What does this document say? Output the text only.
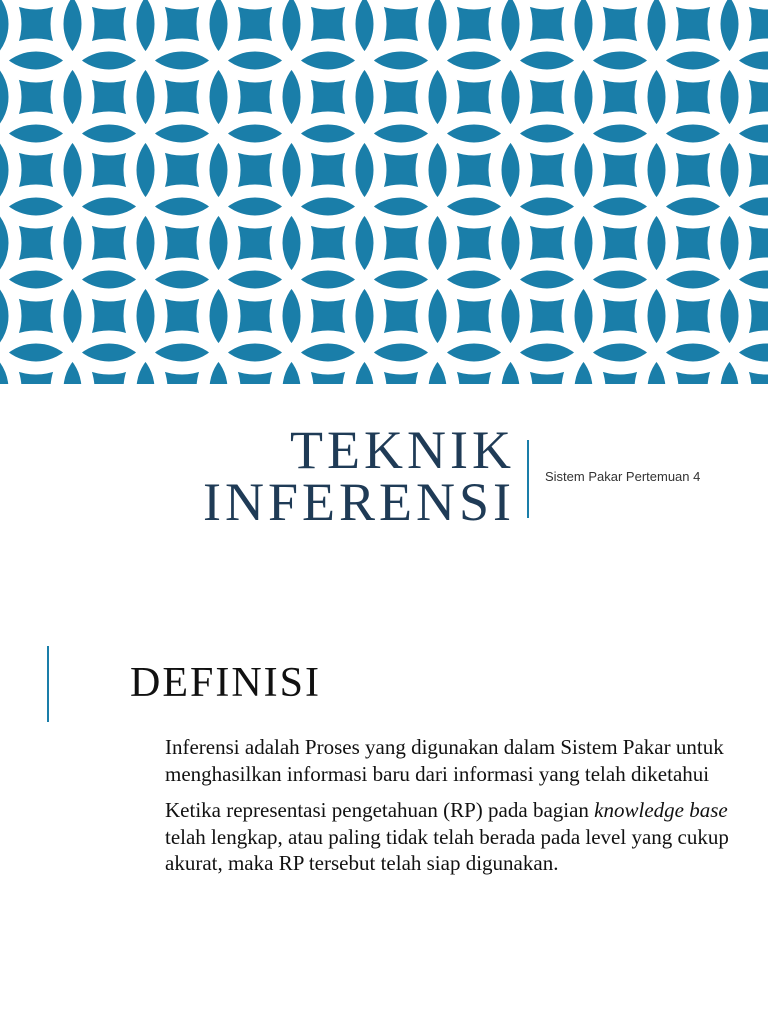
TEKNIK
INFERENSI Sistem Pakar Pertemuan 4

DEFINISI

Inferensi adalah Proses yang digunakan dalam Sistem Pakar untuk menghasilkan informasi baru dari informasi yang telah diketahui

Ketika representasi pengetahuan (RP) pada bagian knowledge base telah lengkap, atau paling tidak telah berada pada level yang cukup akurat, maka RP tersebut telah siap digunakan.
